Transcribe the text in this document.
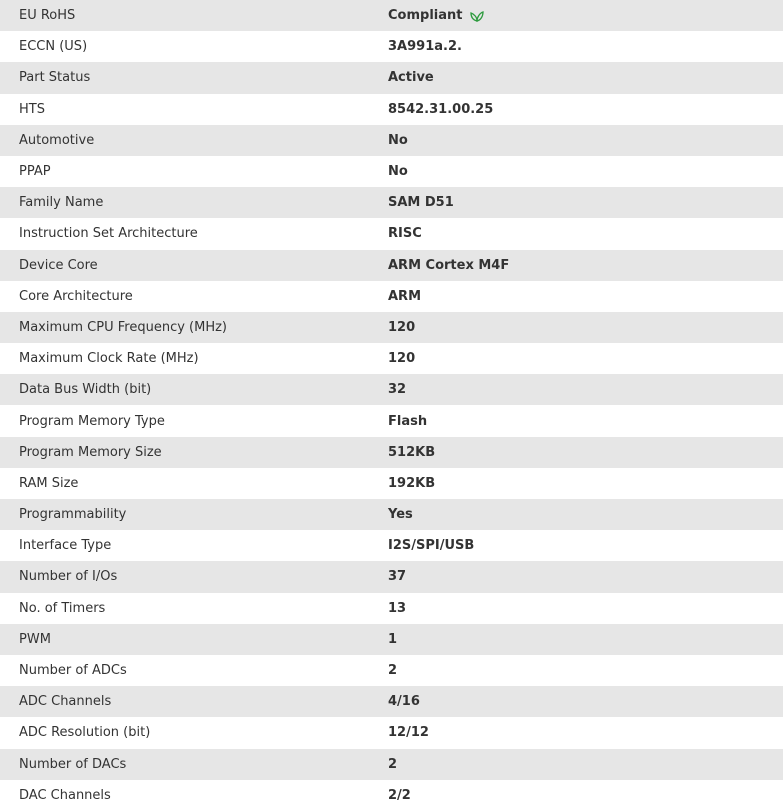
EU RoHS	Compliant
ECCN (US)	3A991a.2.
Part Status	Active
HTS	8542.31.00.25
Automotive	No
PPAP	No
Family Name	SAM D51
Instruction Set Architecture	RISC
Device Core	ARM Cortex M4F
Core Architecture	ARM
Maximum CPU Frequency (MHz)	120
Maximum Clock Rate (MHz)	120
Data Bus Width (bit)	32
Program Memory Type	Flash
Program Memory Size	512KB
RAM Size	192KB
Programmability	Yes
Interface Type	I2S/SPI/USB
Number of I/Os	37
No. of Timers	13
PWM	1
Number of ADCs	2
ADC Channels	4/16
ADC Resolution (bit)	12/12
Number of DACs	2
DAC Channels	2/2
